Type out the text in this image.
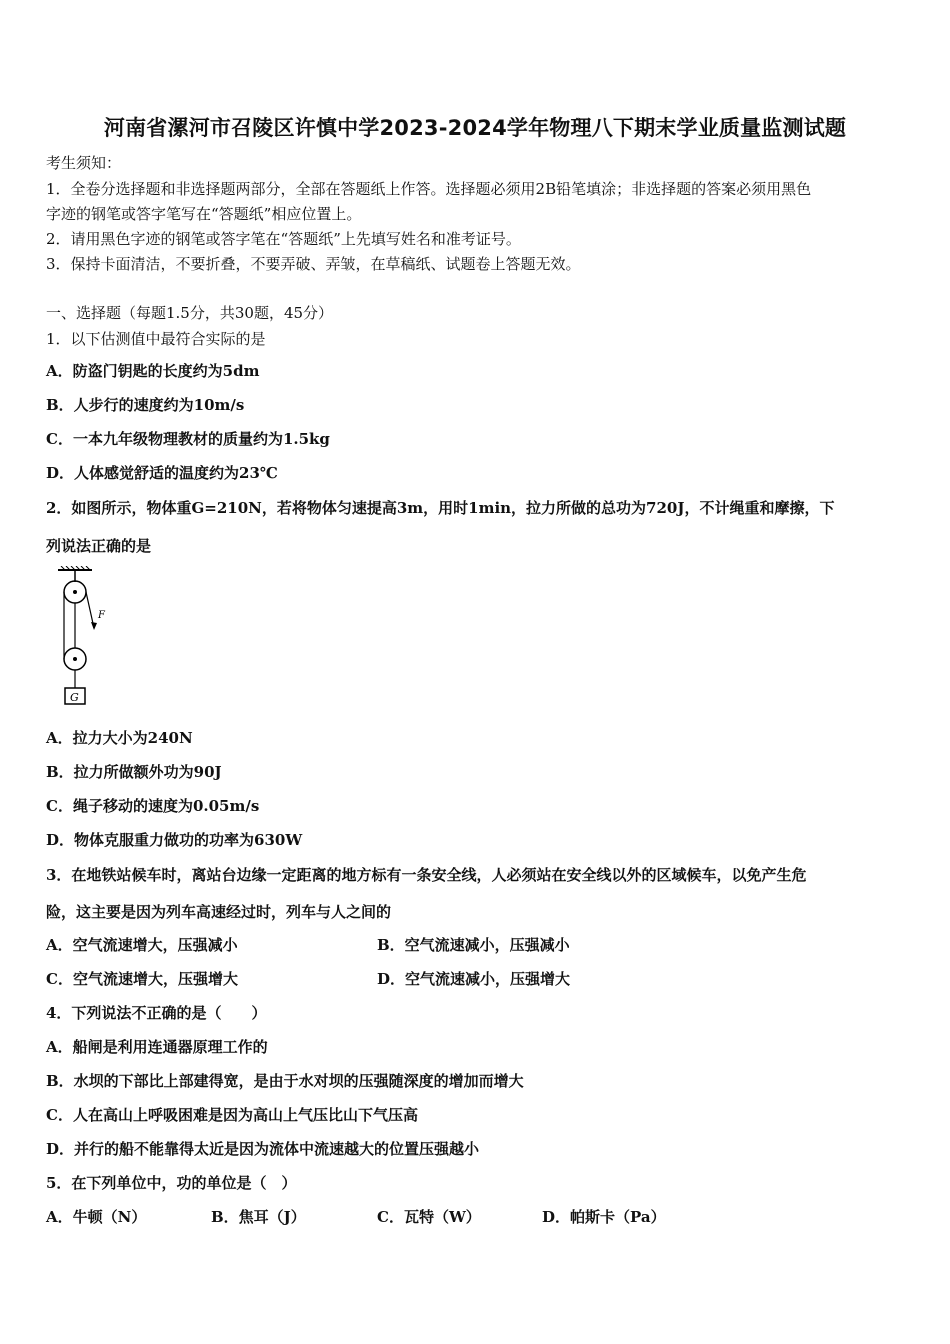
河南省漯河市召陵区许慎中学2023-2024学年物理八下期末学业质量监测试题
考生须知：
1．全卷分选择题和非选择题两部分，全部在答题纸上作答。选择题必须用2B铅笔填涂；非选择题的答案必须用黑色
字迹的钢笔或答字笔写在“答题纸”相应位置上。
2．请用黑色字迹的钢笔或答字笔在“答题纸”上先填写姓名和准考证号。
3．保持卡面清洁，不要折叠，不要弄破、弄皱，在草稿纸、试题卷上答题无效。
一、选择题（每题1.5分，共30题，45分）
1．以下估测值中最符合实际的是
A．防盗门钥匙的长度约为5dm
B．人步行的速度约为10m/s
C．一本九年级物理教材的质量约为1.5kg
D．人体感觉舒适的温度约为23℃
2．如图所示，物体重G=210N，若将物体匀速提高3m，用时1min，拉力所做的总功为720J，不计绳重和摩擦，下
列说法正确的是
F
G
A．拉力大小为240N
B．拉力所做额外功为90J
C．绳子移动的速度为0.05m/s
D．物体克服重力做功的功率为630W
3．在地铁站候车时，离站台边缘一定距离的地方标有一条安全线，人必须站在安全线以外的区域候车，以免产生危
险，这主要是因为列车高速经过时，列车与人之间的
A．空气流速增大，压强减小	B．空气流速减小，压强减小
C．空气流速增大，压强增大	D．空气流速减小，压强增大
4．下列说法不正确的是（　　）
A．船闸是利用连通器原理工作的
B．水坝的下部比上部建得宽，是由于水对坝的压强随深度的增加而增大
C．人在高山上呼吸困难是因为高山上气压比山下气压高
D．并行的船不能靠得太近是因为流体中流速越大的位置压强越小
5．在下列单位中，功的单位是（　）
A．牛顿（N）	B．焦耳（J）	C．瓦特（W）	D．帕斯卡（Pa）
